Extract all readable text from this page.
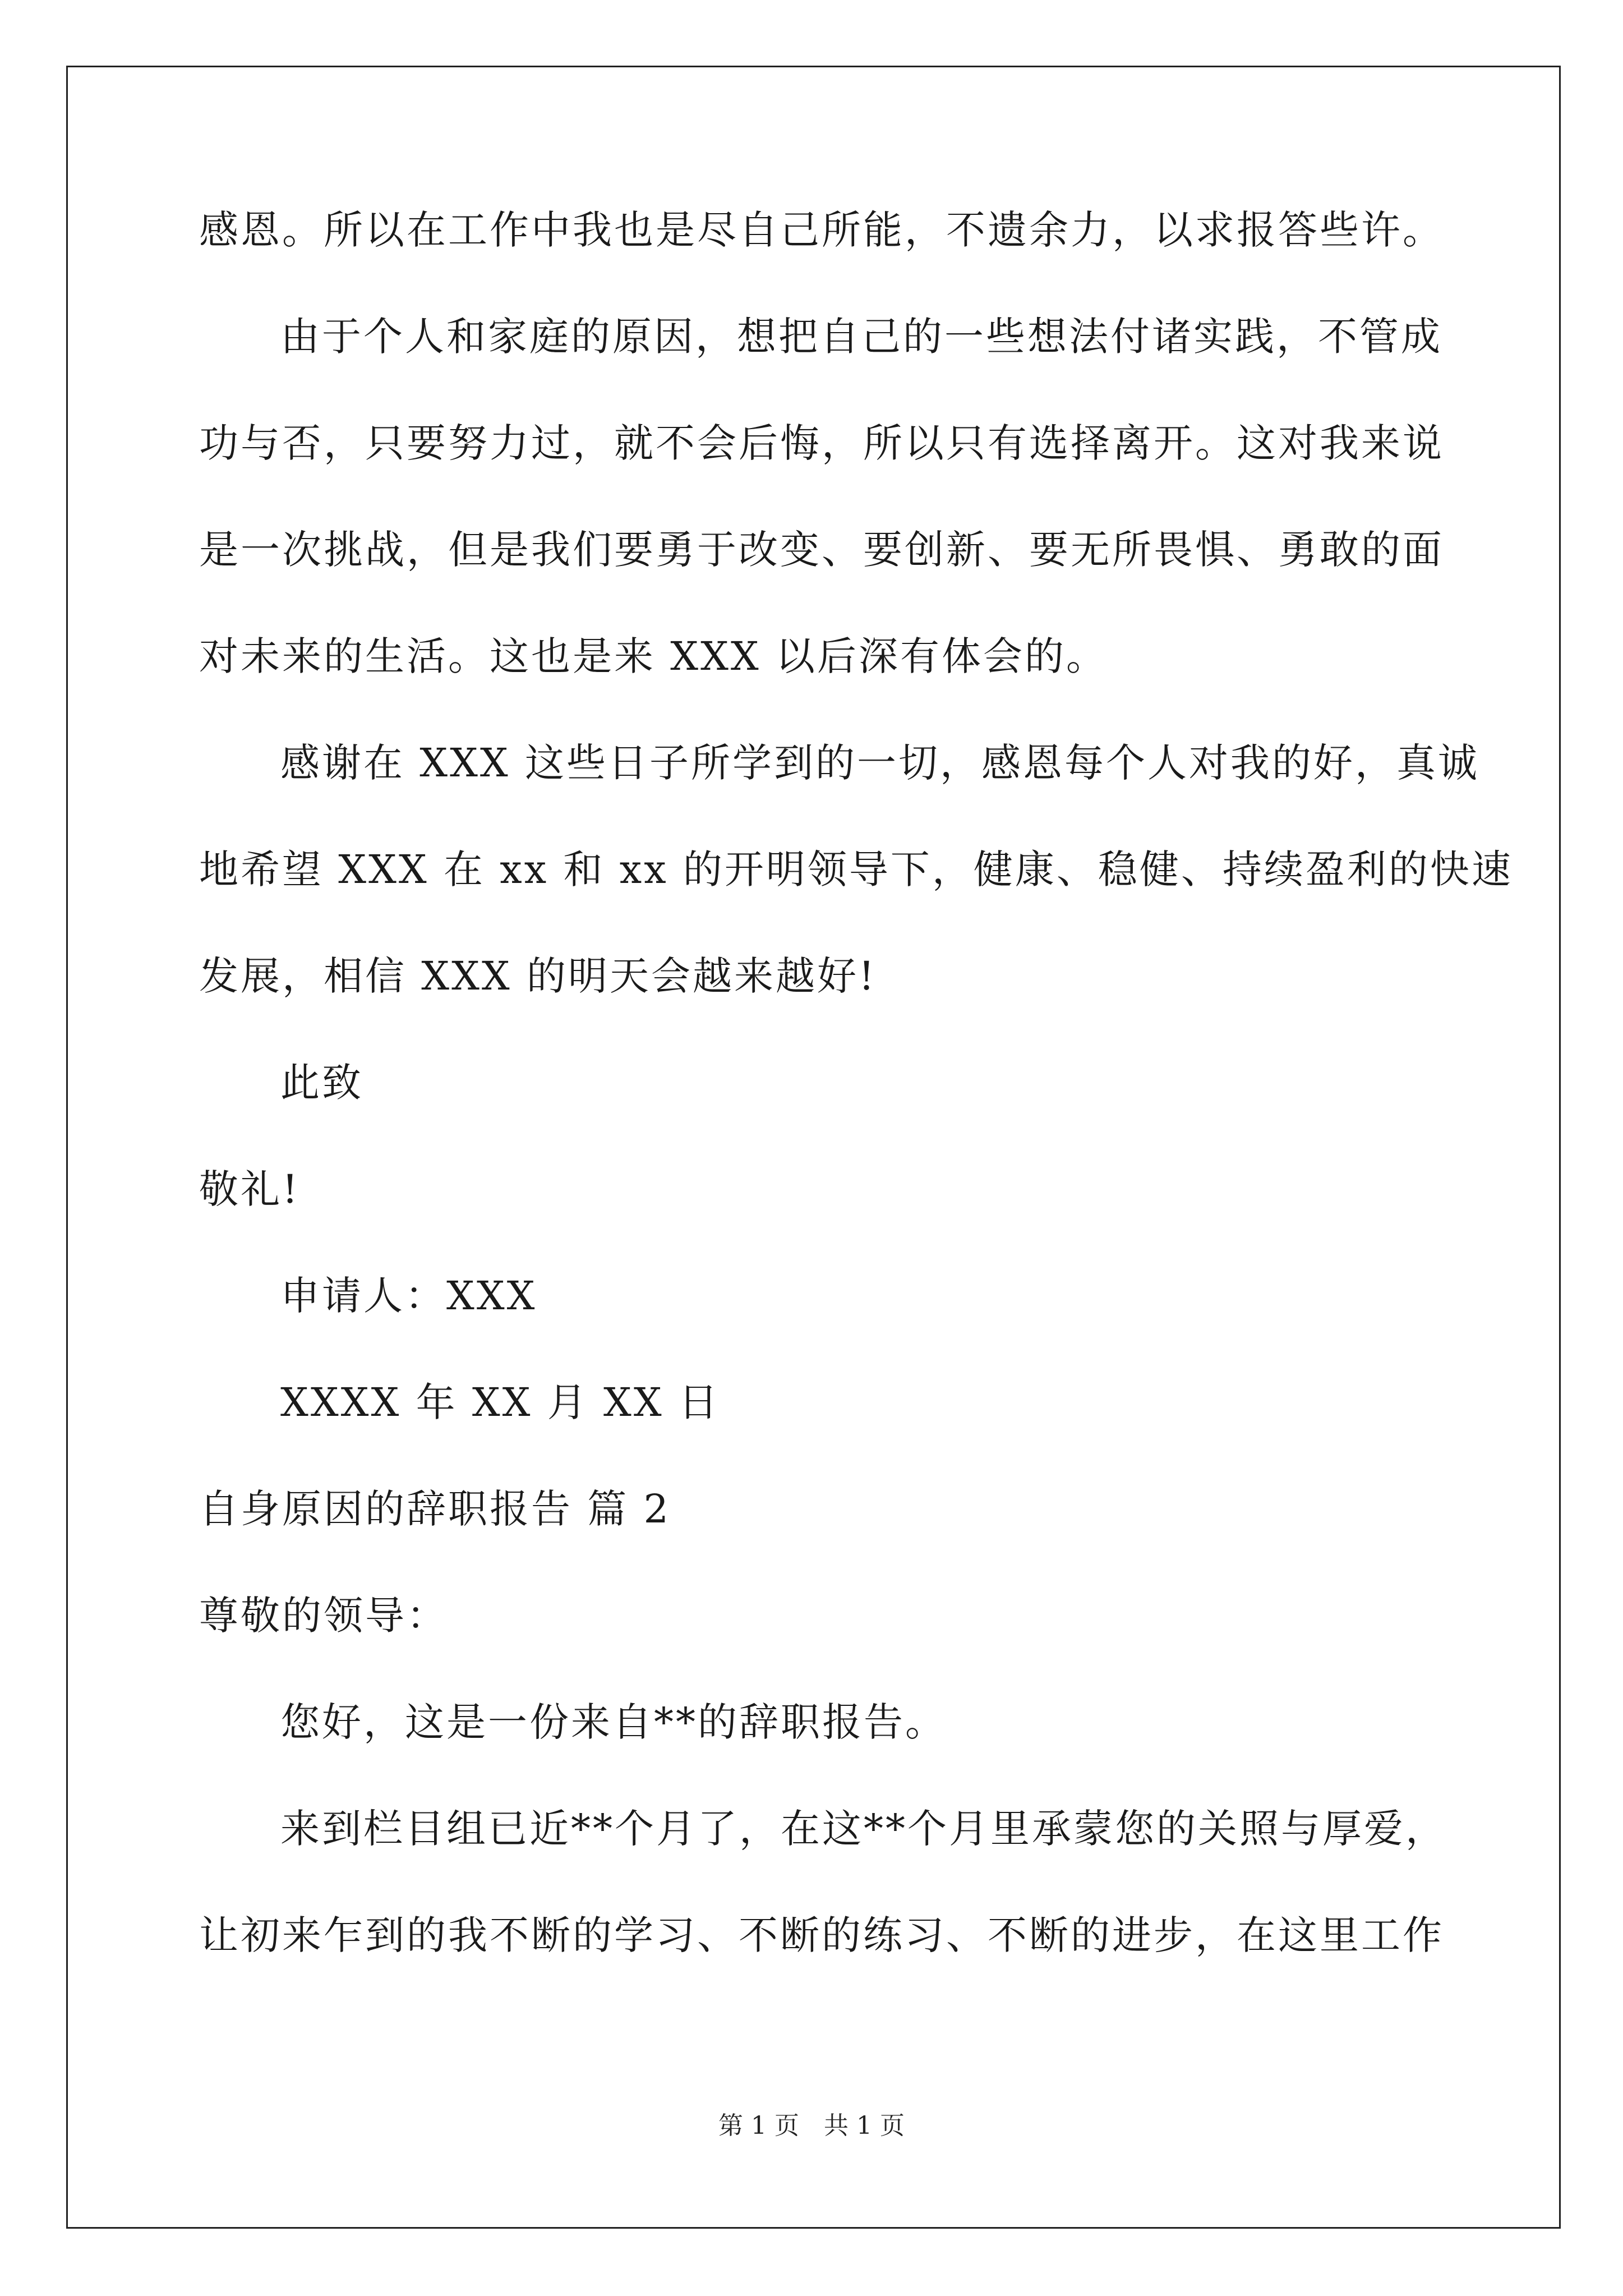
感恩。所以在工作中我也是尽自己所能，不遗余力，以求报答些许。
由于个人和家庭的原因，想把自己的一些想法付诸实践，不管成
功与否，只要努力过，就不会后悔，所以只有选择离开。这对我来说
是一次挑战，但是我们要勇于改变、要创新、要无所畏惧、勇敢的面
对未来的生活。这也是来 XXX 以后深有体会的。
感谢在 XXX 这些日子所学到的一切，感恩每个人对我的好，真诚
地希望 XXX 在 xx 和 xx 的开明领导下，健康、稳健、持续盈利的快速
发展，相信 XXX 的明天会越来越好!
此致
敬礼!
申请人：XXX
XXXX 年 XX 月 XX 日
自身原因的辞职报告 篇 2
尊敬的领导：
您好，这是一份来自**的辞职报告。
来到栏目组已近**个月了，在这**个月里承蒙您的关照与厚爱，
让初来乍到的我不断的学习、不断的练习、不断的进步，在这里工作
第 1 页　共 1 页
